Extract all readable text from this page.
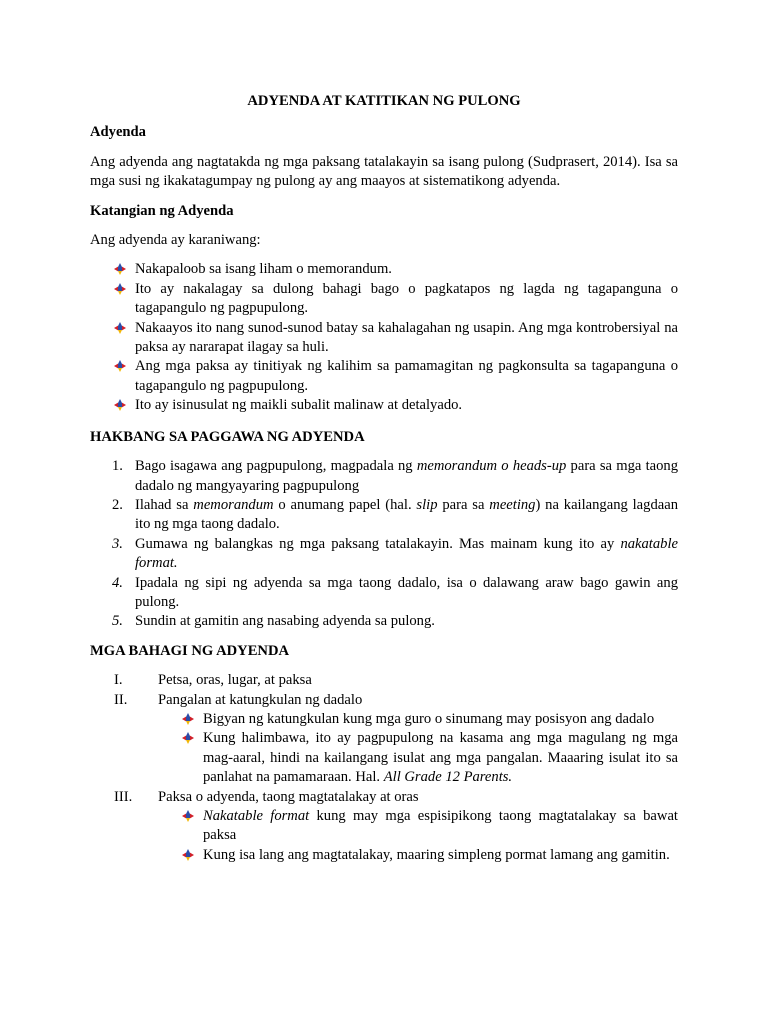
ADYENDA AT KATITIKAN NG PULONG
Adyenda
Ang adyenda ang nagtatakda ng mga paksang tatalakayin sa isang pulong (Sudprasert, 2014). Isa sa mga susi ng ikakatagumpay ng pulong ay ang maayos at sistematikong adyenda.
Katangian ng Adyenda
Ang adyenda ay karaniwang:
Nakapaloob sa isang liham o memorandum.
Ito ay nakalagay sa dulong bahagi bago o pagkatapos ng lagda ng tagapanguna o tagapangulo ng pagpupulong.
Nakaayos ito nang sunod-sunod batay sa kahalagahan ng usapin. Ang mga kontrobersiyal na paksa ay nararapat ilagay sa huli.
Ang mga paksa ay tinitiyak ng kalihim sa pamamagitan ng pagkonsulta sa tagapanguna o tagapangulo ng pagpupulong.
Ito ay isinusulat ng maikli subalit malinaw at detalyado.
HAKBANG SA PAGGAWA NG ADYENDA
1. Bago isagawa ang pagpupulong, magpadala ng memorandum o heads-up para sa mga taong dadalo ng mangyayaring pagpupulong
2. Ilahad sa memorandum o anumang papel (hal. slip para sa meeting) na kailangang lagdaan ito ng mga taong dadalo.
3. Gumawa ng balangkas ng mga paksang tatalakayin. Mas mainam kung ito ay nakatable format.
4. Ipadala ng sipi ng adyenda sa mga taong dadalo, isa o dalawang araw bago gawin ang pulong.
5. Sundin at gamitin ang nasabing adyenda sa pulong.
MGA BAHAGI NG ADYENDA
I. Petsa, oras, lugar, at paksa
II. Pangalan at katungkulan ng dadalo
Bigyan ng katungkulan kung mga guro o sinumang may posisyon ang dadalo
Kung halimbawa, ito ay pagpupulong na kasama ang mga magulang ng mga mag-aaral, hindi na kailangang isulat ang mga pangalan. Maaaring isulat ito sa panlahat na pamamaraan. Hal. All Grade 12 Parents.
III. Paksa o adyenda, taong magtatalakay at oras
Nakatable format kung may mga espisipikong taong magtatalakay sa bawat paksa
Kung isa lang ang magtatalakay, maaring simpleng pormat lamang ang gamitin.
